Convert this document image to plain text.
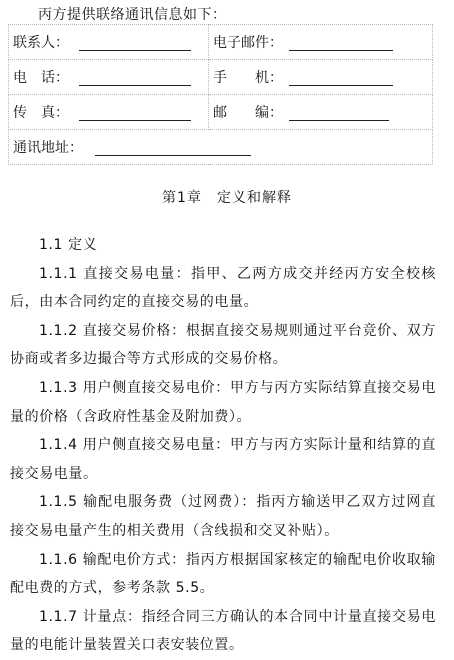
丙方提供联络通讯信息如下：
联系人：	电子邮件：
电　话：	手　　机：
传　真：	邮　　编：
通讯地址：	
第1章　定义和解释

1.1 定义

1.1.1 直接交易电量：指甲、乙两方成交并经丙方安全校核后，由本合同约定的直接交易的电量。

1.1.2 直接交易价格：根据直接交易规则通过平台竞价、双方协商或者多边撮合等方式形成的交易价格。

1.1.3 用户侧直接交易电价：甲方与丙方实际结算直接交易电量的价格（含政府性基金及附加费）。

1.1.4 用户侧直接交易电量：甲方与丙方实际计量和结算的直接交易电量。

1.1.5 输配电服务费（过网费）：指丙方输送甲乙双方过网直接交易电量产生的相关费用（含线损和交叉补贴）。

1.1.6 输配电价方式：指丙方根据国家核定的输配电价收取输配电费的方式，参考条款 5.5。

1.1.7 计量点：指经合同三方确认的本合同中计量直接交易电量的电能计量装置关口表安装位置。
